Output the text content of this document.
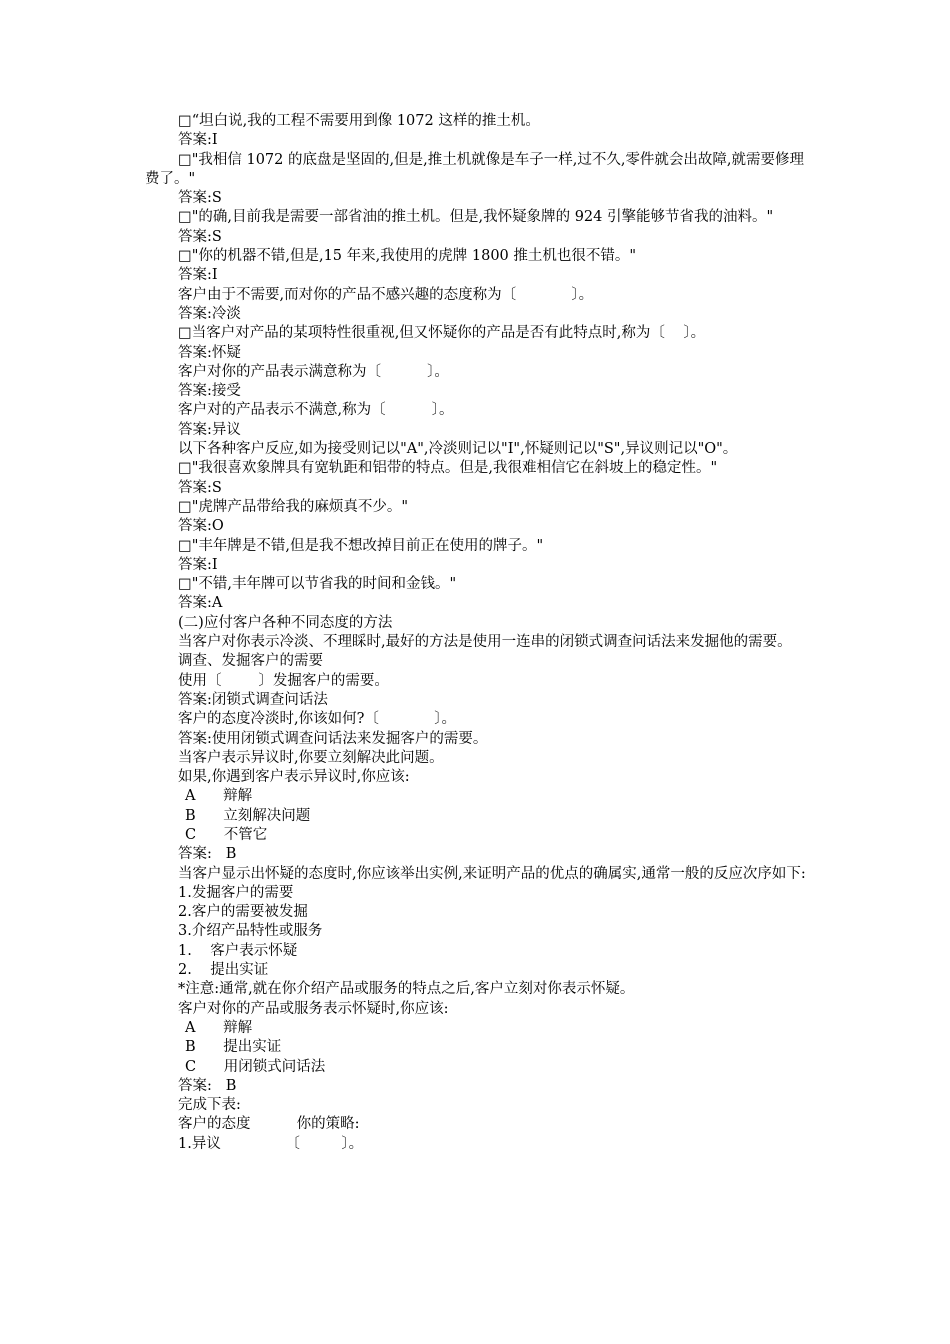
□“坦白说,我的工程不需要用到像 1072 这样的推土机。

答案:I

□"我相信 1072 的底盘是坚固的,但是,推土机就像是车子一样,过不久,零件就会出故障,就需要修理费了。"

答案:S

□"的确,目前我是需要一部省油的推土机。但是,我怀疑象牌的 924 引擎能够节省我的油料。"

答案:S

□"你的机器不错,但是,15 年来,我使用的虎牌 1800 推土机也很不错。"

答案:I

客户由于不需要,而对你的产品不感兴趣的态度称为〔            〕。

答案:冷淡

□当客户对产品的某项特性很重视,但又怀疑你的产品是否有此特点时,称为〔    〕。

答案:怀疑

客户对你的产品表示满意称为〔          〕。

答案:接受

客户对的产品表示不满意,称为〔          〕。

答案:异议

以下各种客户反应,如为接受则记以"A",冷淡则记以"I",怀疑则记以"S",异议则记以"O"。

□"我很喜欢象牌具有宽轨距和铝带的特点。但是,我很难相信它在斜坡上的稳定性。"

答案:S

□"虎牌产品带给我的麻烦真不少。"

答案:O

□"丰年牌是不错,但是我不想改掉目前正在使用的牌子。"

答案:I

□"不错,丰年牌可以节省我的时间和金钱。"

答案:A

(二)应付客户各种不同态度的方法

当客户对你表示冷淡、不理睬时,最好的方法是使用一连串的闭锁式调查问话法来发掘他的需要。

调查、发掘客户的需要

使用〔        〕发掘客户的需要。

答案:闭锁式调查问话法

客户的态度冷淡时,你该如何?〔            〕。

答案:使用闭锁式调查问话法来发掘客户的需要。

当客户表示异议时,你要立刻解决此问题。

如果,你遇到客户表示异议时,你应该:

A      辩解

B      立刻解决问题

C      不管它

答案:   B

当客户显示出怀疑的态度时,你应该举出实例,来证明产品的优点的确属实,通常一般的反应次序如下:

1.发掘客户的需要

2.客户的需要被发掘

3.介绍产品特性或服务

1.    客户表示怀疑

2.    提出实证

*注意:通常,就在你介绍产品或服务的特点之后,客户立刻对你表示怀疑。

客户对你的产品或服务表示怀疑时,你应该:

A      辩解

B      提出实证

C      用闭锁式问话法

答案:   B

完成下表:

客户的态度          你的策略:

1.异议              〔         〕。
